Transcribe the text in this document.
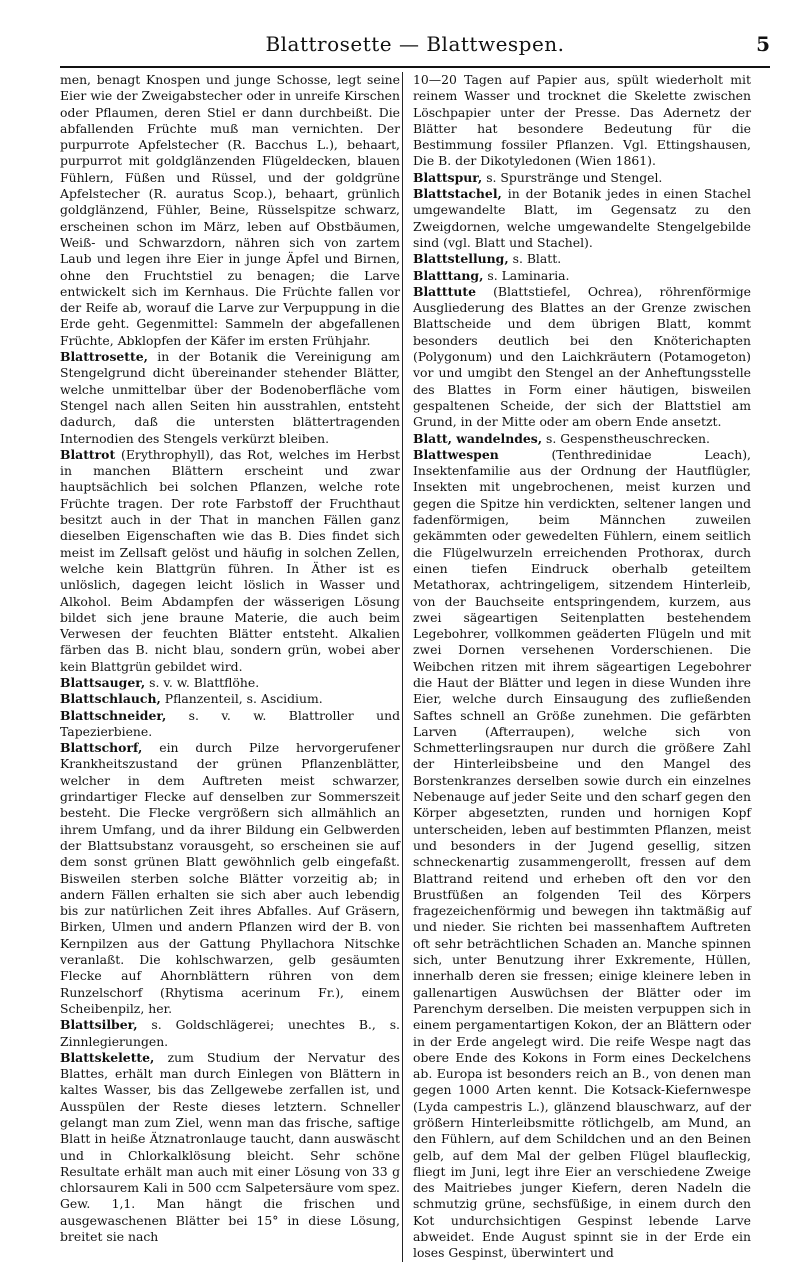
Blattrosette — Blattwespen.	5

men, benagt Knospen und junge Schosse, legt seine Eier wie der Zweigabstecher oder in unreife Kirschen oder Pflaumen, deren Stiel er dann durchbeißt. Die abfallenden Früchte muß man vernichten. Der purpurrote Apfelstecher (R. Bacchus L.), behaart, purpurrot mit goldglänzenden Flügeldecken, blauen Fühlern, Füßen und Rüssel, und der goldgrüne Apfelstecher (R. auratus Scop.), behaart, grünlich goldglänzend, Fühler, Beine, Rüsselspitze schwarz, erscheinen schon im März, leben auf Obstbäumen, Weiß- und Schwarzdorn, nähren sich von zartem Laub und legen ihre Eier in junge Äpfel und Birnen, ohne den Fruchtstiel zu benagen; die Larve entwickelt sich im Kernhaus. Die Früchte fallen vor der Reife ab, worauf die Larve zur Verpuppung in die Erde geht. Gegenmittel: Sammeln der abgefallenen Früchte, Abklopfen der Käfer im ersten Frühjahr.

Blattrosette, in der Botanik die Vereinigung am Stengelgrund dicht übereinander stehender Blätter, welche unmittelbar über der Bodenoberfläche vom Stengel nach allen Seiten hin ausstrahlen, entsteht dadurch, daß die untersten blättertragenden Internodien des Stengels verkürzt bleiben.

Blattrot (Erythrophyll), das Rot, welches im Herbst in manchen Blättern erscheint und zwar hauptsächlich bei solchen Pflanzen, welche rote Früchte tragen. Der rote Farbstoff der Fruchthaut besitzt auch in der That in manchen Fällen ganz dieselben Eigenschaften wie das B. Dies findet sich meist im Zellsaft gelöst und häufig in solchen Zellen, welche kein Blattgrün führen. In Äther ist es unlöslich, dagegen leicht löslich in Wasser und Alkohol. Beim Abdampfen der wässerigen Lösung bildet sich jene braune Materie, die auch beim Verwesen der feuchten Blätter entsteht. Alkalien färben das B. nicht blau, sondern grün, wobei aber kein Blattgrün gebildet wird.

Blattsauger, s. v. w. Blattflöhe.

Blattschlauch, Pflanzenteil, s. Ascidium.

Blattschneider, s. v. w. Blattroller und Tapezierbiene.

Blattschorf, ein durch Pilze hervorgerufener Krankheitszustand der grünen Pflanzenblätter, welcher in dem Auftreten meist schwarzer, grindartiger Flecke auf denselben zur Sommerszeit besteht. Die Flecke vergrößern sich allmählich an ihrem Umfang, und da ihrer Bildung ein Gelbwerden der Blattsubstanz vorausgeht, so erscheinen sie auf dem sonst grünen Blatt gewöhnlich gelb eingefaßt. Bisweilen sterben solche Blätter vorzeitig ab; in andern Fällen erhalten sie sich aber auch lebendig bis zur natürlichen Zeit ihres Abfalles. Auf Gräsern, Birken, Ulmen und andern Pflanzen wird der B. von Kernpilzen aus der Gattung Phyllachora Nitschke veranlaßt. Die kohlschwarzen, gelb gesäumten Flecke auf Ahornblättern rühren von dem Runzelschorf (Rhytisma acerinum Fr.), einem Scheibenpilz, her.

Blattsilber, s. Goldschlägerei; unechtes B., s. Zinnlegierungen.

Blattskelette, zum Studium der Nervatur des Blattes, erhält man durch Einlegen von Blättern in kaltes Wasser, bis das Zellgewebe zerfallen ist, und Ausspülen der Reste dieses letztern. Schneller gelangt man zum Ziel, wenn man das frische, saftige Blatt in heiße Ätznatronlauge taucht, dann auswäscht und in Chlorkalklösung bleicht. Sehr schöne Resultate erhält man auch mit einer Lösung von 33 g chlorsaurem Kali in 500 ccm Salpetersäure vom spez. Gew. 1,1. Man hängt die frischen und ausgewaschenen Blätter bei 15° in diese Lösung, breitet sie nach

10—20 Tagen auf Papier aus, spült wiederholt mit reinem Wasser und trocknet die Skelette zwischen Löschpapier unter der Presse. Das Adernetz der Blätter hat besondere Bedeutung für die Bestimmung fossiler Pflanzen. Vgl. Ettingshausen, Die B. der Dikotyledonen (Wien 1861).

Blattspur, s. Spurstränge und Stengel.

Blattstachel, in der Botanik jedes in einen Stachel umgewandelte Blatt, im Gegensatz zu den Zweigdornen, welche umgewandelte Stengelgebilde sind (vgl. Blatt und Stachel).

Blattstellung, s. Blatt.

Blatttang, s. Laminaria.

Blatttute (Blattstiefel, Ochrea), röhrenförmige Ausgliederung des Blattes an der Grenze zwischen Blattscheide und dem übrigen Blatt, kommt besonders deutlich bei den Knöterichарten (Polygonum) und den Laichkräutern (Potamogeton) vor und umgibt den Stengel an der Anheftungsstelle des Blattes in Form einer häutigen, bisweilen gespaltenen Scheide, der sich der Blattstiel am Grund, in der Mitte oder am obern Ende ansetzt.

Blatt, wandelndes, s. Gespenstheuschrecken.

Blattwespen (Tenthredinidae Leach), Insektenfamilie aus der Ordnung der Hautflügler, Insekten mit ungebrochenen, meist kurzen und gegen die Spitze hin verdickten, seltener langen und fadenförmigen, beim Männchen zuweilen gekämmten oder gewedelten Fühlern, einem seitlich die Flügelwurzeln erreichenden Prothorax, durch einen tiefen Eindruck oberhalb geteiltem Metathorax, achtringeligem, sitzendem Hinterleib, von der Bauchseite entspringendem, kurzem, aus zwei sägeartigen Seitenplatten bestehendem Legebohrer, vollkommen geäderten Flügeln und mit zwei Dornen versehenen Vorderschienen. Die Weibchen ritzen mit ihrem sägeartigen Legebohrer die Haut der Blätter und legen in diese Wunden ihre Eier, welche durch Einsaugung des zufließenden Saftes schnell an Größe zunehmen. Die gefärbten Larven (Afterraupen), welche sich von Schmetterlingsraupen nur durch die größere Zahl der Hinterleibsbeine und den Mangel des Borstenkranzes derselben sowie durch ein einzelnes Nebenauge auf jeder Seite und den scharf gegen den Körper abgesetzten, runden und hornigen Kopf unterscheiden, leben auf bestimmten Pflanzen, meist und besonders in der Jugend gesellig, sitzen schneckenartig zusammengerollt, fressen auf dem Blattrand reitend und erheben oft den vor den Brustfüßen an folgenden Teil des Körpers fragezeichenförmig und bewegen ihn taktmäßig auf und nieder. Sie richten bei massenhaftem Auftreten oft sehr beträchtlichen Schaden an. Manche spinnen sich, unter Benutzung ihrer Exkremente, Hüllen, innerhalb deren sie fressen; einige kleinere leben in gallenartigen Auswüchsen der Blätter oder im Parenchym derselben. Die meisten verpuppen sich in einem pergamentartigen Kokon, der an Blättern oder in der Erde angelegt wird. Die reife Wespe nagt das obere Ende des Kokons in Form eines Deckelchens ab. Europa ist besonders reich an B., von denen man gegen 1000 Arten kennt. Die Kotsack-Kiefernwespe (Lyda campestris L.), glänzend blauschwarz, auf der größern Hinterleibsmitte rötlichgelb, am Mund, an den Fühlern, auf dem Schildchen und an den Beinen gelb, auf dem Mal der gelben Flügel blaufleckig, fliegt im Juni, legt ihre Eier an verschiedene Zweige des Maitriebes junger Kiefern, deren Nadeln die schmutzig grüne, sechsfüßige, in einem durch den Kot undurchsichtigen Gespinst lebende Larve abweidet. Ende August spinnt sie in der Erde ein loses Gespinst, überwintert und
